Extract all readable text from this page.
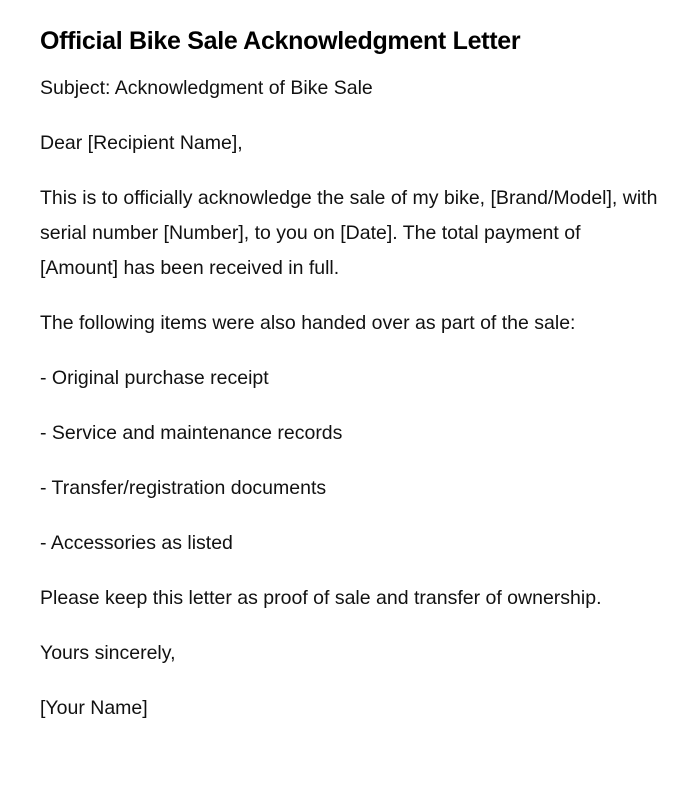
Official Bike Sale Acknowledgment Letter

Subject: Acknowledgment of Bike Sale

Dear [Recipient Name],

This is to officially acknowledge the sale of my bike, [Brand/Model], with serial number [Number], to you on [Date]. The total payment of [Amount] has been received in full.

The following items were also handed over as part of the sale:

- Original purchase receipt

- Service and maintenance records

- Transfer/registration documents

- Accessories as listed

Please keep this letter as proof of sale and transfer of ownership.

Yours sincerely,

[Your Name]
